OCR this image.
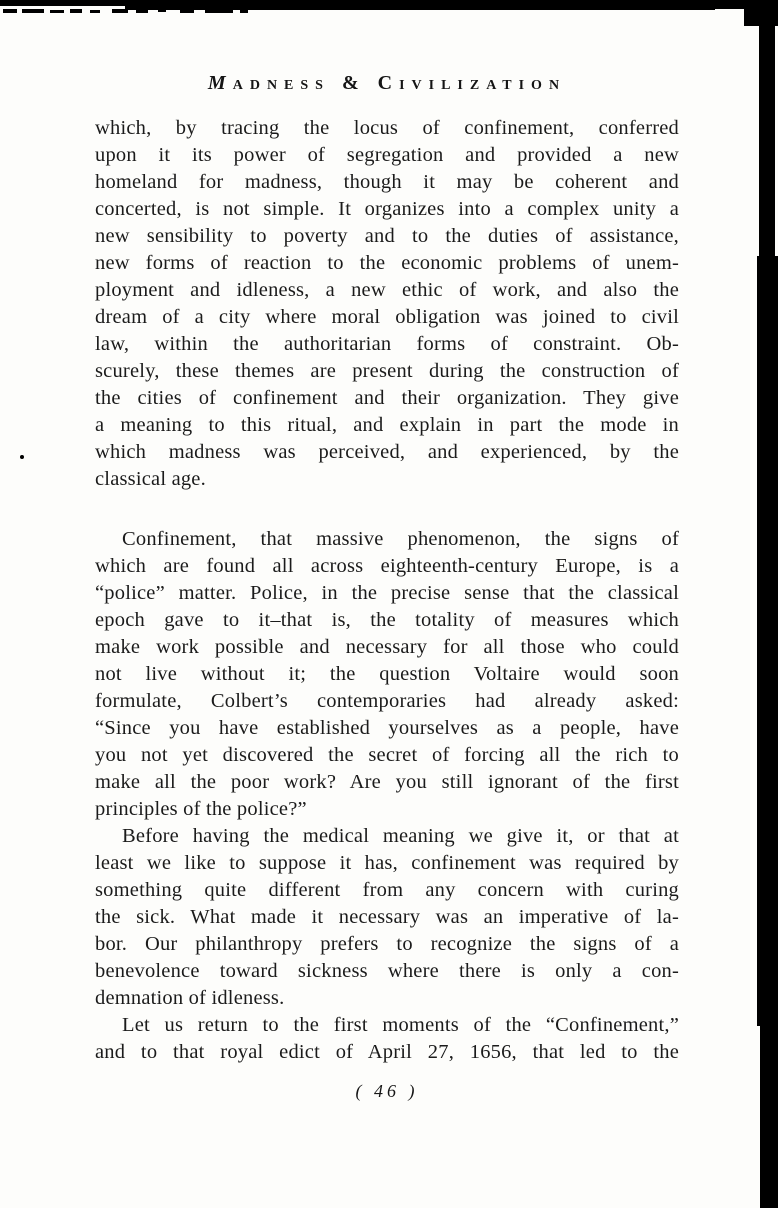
Madness & Civilization
which, by tracing the locus of confinement, conferred
upon it its power of segregation and provided a new
homeland for madness, though it may be coherent and
concerted, is not simple. It organizes into a complex unity a
new sensibility to poverty and to the duties of assistance,
new forms of reaction to the economic problems of unem-
ployment and idleness, a new ethic of work, and also the
dream of a city where moral obligation was joined to civil
law, within the authoritarian forms of constraint. Ob-
scurely, these themes are present during the construction of
the cities of confinement and their organization. They give
a meaning to this ritual, and explain in part the mode in
which madness was perceived, and experienced, by the
classical age.
Confinement, that massive phenomenon, the signs of
which are found all across eighteenth-century Europe, is a
“police” matter. Police, in the precise sense that the classical
epoch gave to it–that is, the totality of measures which
make work possible and necessary for all those who could
not live without it; the question Voltaire would soon
formulate, Colbert’s contemporaries had already asked:
“Since you have established yourselves as a people, have
you not yet discovered the secret of forcing all the rich to
make all the poor work? Are you still ignorant of the first
principles of the police?”
Before having the medical meaning we give it, or that at
least we like to suppose it has, confinement was required by
something quite different from any concern with curing
the sick. What made it necessary was an imperative of la-
bor. Our philanthropy prefers to recognize the signs of a
benevolence toward sickness where there is only a con-
demnation of idleness.
Let us return to the first moments of the “Confinement,”
and to that royal edict of April 27, 1656, that led to the
( 46 )
